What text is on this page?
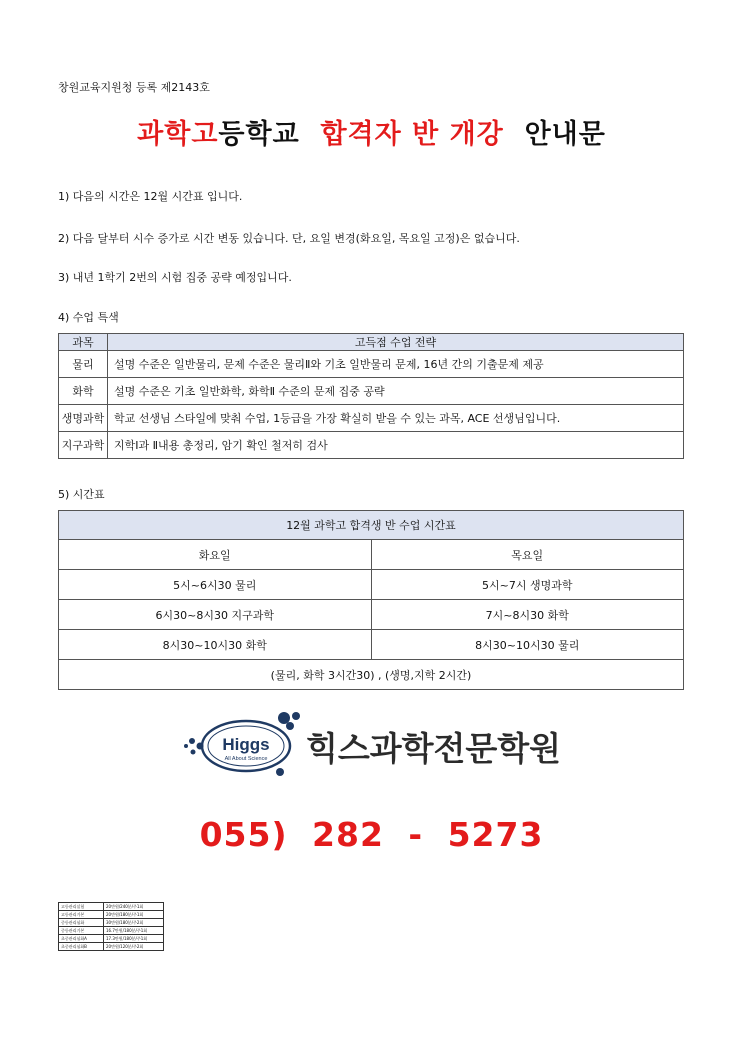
창원교육지원청 등록 제2143호
과학고등학교 합격자 반 개강 안내문
1) 다음의 시간은 12월 시간표 입니다.
2) 다음 달부터 시수 증가로 시간 변동 있습니다. 단, 요일 변경(화요일, 목요일 고정)은 없습니다.
3) 내년 1학기 2번의 시험 집중 공략 예정입니다.
4) 수업 특색
과목	고득점 수업 전략
물리	설명 수준은 일반물리, 문제 수준은 물리Ⅱ와 기초 일반물리 문제, 16년 간의 기출문제 제공
화학	설명 수준은 기초 일반화학, 화학Ⅱ 수준의 문제 집중 공략
생명과학	학교 선생님 스타일에 맞춰 수업, 1등급을 가장 확실히 받을 수 있는 과목, ACE 선생님입니다.
지구과학	지학Ⅰ과 Ⅱ내용 총정리, 암기 확인 철저히 검사
5) 시간표
12월 과학고 합격생 반 수업 시간표	
화요일	목요일
5시~6시30 물리	5시~7시 생명과학
6시30~8시30 지구과학	7시~8시30 화학
8시30~10시30 화학	8시30~10시30 물리
(물리, 화학 3시간30) , (생명,지학 2시간)	
Higgs
All About Science 힉스과학전문학원
055) 282 - 5273
고등관리실험	20만원/240분/주1회
고등관리기본	20만원/180분/주1회
중등관리심화	30만원/180분/주2회
중등관리기본	16.7만원/180분/주1회
초중관리심화A	17.3만원/180분/주1회
초중관리심화B	20만원/120분/주2회
